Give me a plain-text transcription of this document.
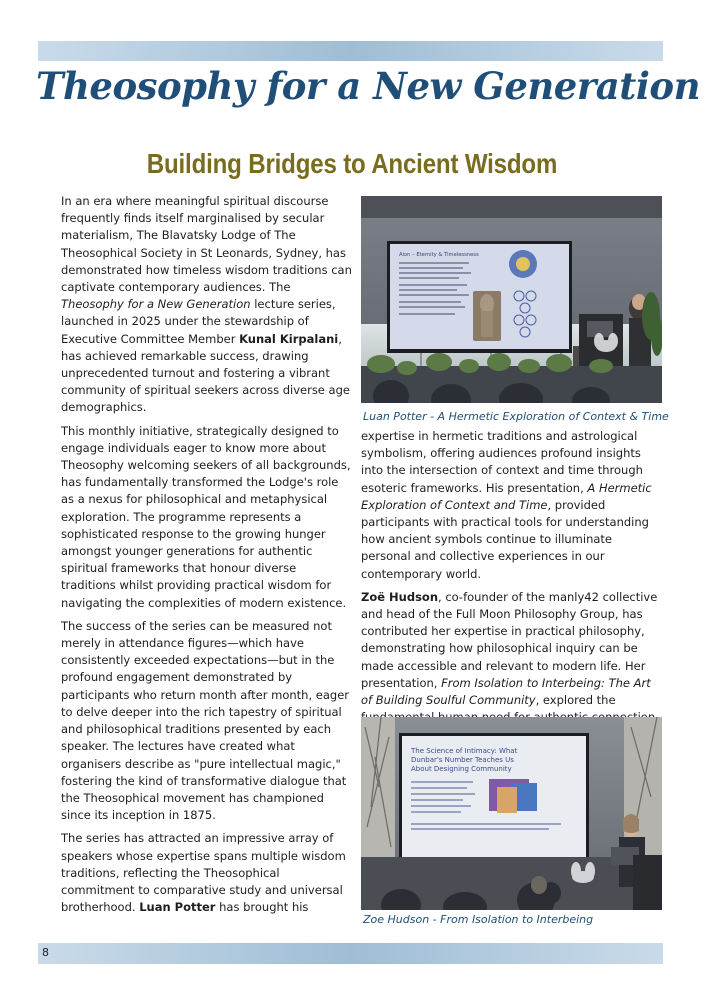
Theosophy for a New Generation
Building Bridges to Ancient Wisdom

In an era where meaningful spiritual discourse frequently finds itself marginalised by secular materialism, The Blavatsky Lodge of The Theosophical Society in St Leonards, Sydney, has demonstrated how timeless wisdom traditions can captivate contemporary audiences. The Theosophy for a New Generation lecture series, launched in 2025 under the stewardship of Executive Committee Member Kunal Kirpalani, has achieved remarkable success, drawing unprecedented turnout and fostering a vibrant community of spiritual seekers across diverse age demographics.

This monthly initiative, strategically designed to engage individuals eager to know more about Theosophy welcoming seekers of all backgrounds, has fundamentally transformed the Lodge's role as a nexus for philosophical and metaphysical exploration. The programme represents a sophisticated response to the growing hunger amongst younger generations for authentic spiritual frameworks that honour diverse traditions whilst providing practical wisdom for navigating the complexities of modern existence.

The success of the series can be measured not merely in attendance figures—which have consistently exceeded expectations—but in the profound engagement demonstrated by participants who return month after month, eager to delve deeper into the rich tapestry of spiritual and philosophical traditions presented by each speaker. The lectures have created what organisers describe as "pure intellectual magic," fostering the kind of transformative dialogue that the Theosophical movement has championed since its inception in 1875.

The series has attracted an impressive array of speakers whose expertise spans multiple wisdom traditions, reflecting the Theosophical commitment to comparative study and universal brotherhood. Luan Potter has brought his

Aion – Eternity & Timelessness
Luan Potter - A Hermetic Exploration of Context & Time

expertise in hermetic traditions and astrological symbolism, offering audiences profound insights into the intersection of context and time through esoteric frameworks. His presentation, A Hermetic Exploration of Context and Time, provided participants with practical tools for understanding how ancient symbols continue to illuminate personal and collective experiences in our contemporary world.

Zoë Hudson, co-founder of the manly42 collective and head of the Full Moon Philosophy Group, has contributed her expertise in practical philosophy, demonstrating how philosophical inquiry can be made accessible and relevant to modern life. Her presentation, From Isolation to Interbeing: The Art of Building Soulful Community, explored the

The Science of Intimacy: What
Dunbar's Number Teaches Us
About Designing Community
Zoe Hudson - From Isolation to Interbeing
8
